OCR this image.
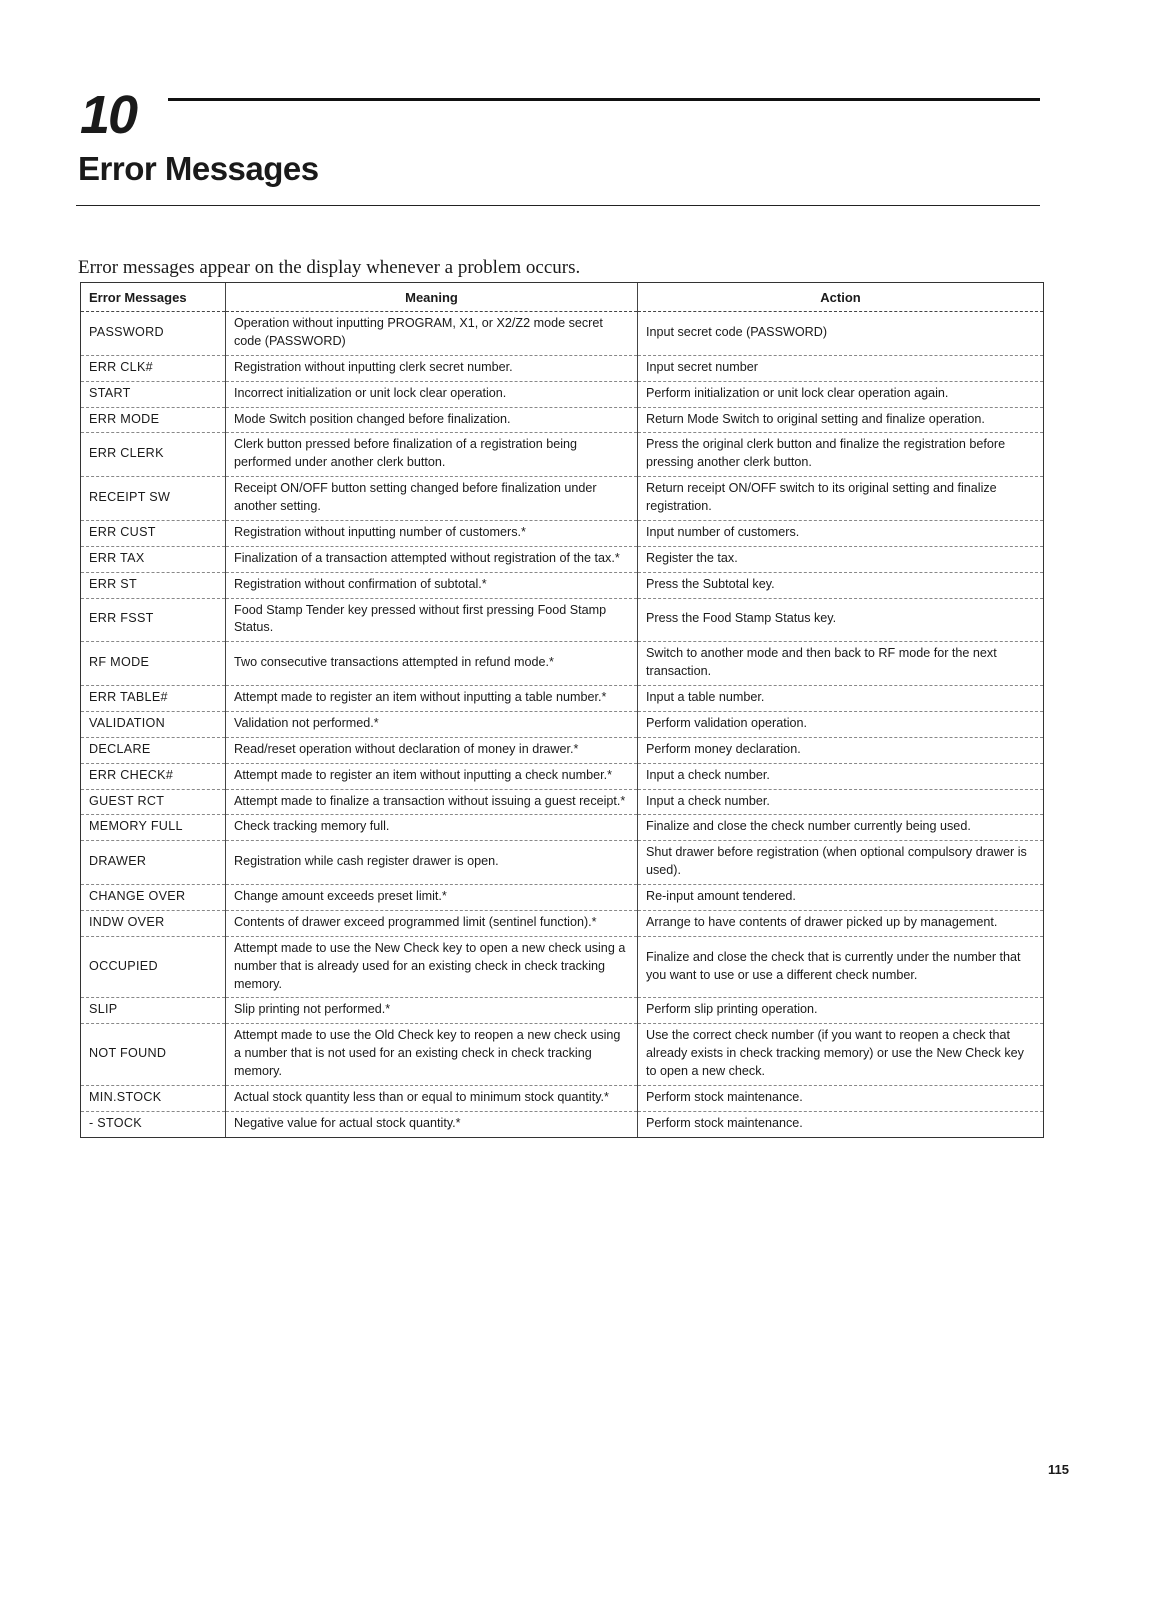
10
Error Messages
Error messages appear on the display whenever a problem occurs.
Error Messages	Meaning	Action
PASSWORD	Operation without inputting PROGRAM, X1, or X2/Z2 mode secret code (PASSWORD)	Input secret code (PASSWORD)
ERR CLK#	Registration without inputting clerk secret number.	Input secret number
START	Incorrect initialization or unit lock clear operation.	Perform initialization or unit lock clear operation again.
ERR MODE	Mode Switch position changed before finalization.	Return Mode Switch to original setting and finalize operation.
ERR CLERK	Clerk button pressed before finalization of a registration being performed under another clerk button.	Press the original clerk button and finalize the registration before pressing another clerk button.
RECEIPT SW	Receipt ON/OFF button setting changed before finalization under another setting.	Return receipt ON/OFF switch to its original setting and finalize registration.
ERR CUST	Registration without inputting number of customers.*	Input number of customers.
ERR TAX	Finalization of a transaction attempted without registration of the tax.*	Register the tax.
ERR ST	Registration without confirmation of subtotal.*	Press the Subtotal key.
ERR FSST	Food Stamp Tender key pressed without first pressing Food Stamp Status.	Press the Food Stamp Status key.
RF MODE	Two consecutive transactions attempted in refund mode.*	Switch to another mode and then back to RF mode for the next transaction.
ERR TABLE#	Attempt made to register an item without inputting a table number.*	Input a table number.
VALIDATION	Validation not performed.*	Perform validation operation.
DECLARE	Read/reset operation without declaration of money in drawer.*	Perform money declaration.
ERR CHECK#	Attempt made to register an item without inputting a check number.*	Input a check number.
GUEST RCT	Attempt made to finalize a transaction without issuing a guest receipt.*	Input a check number.
MEMORY FULL	Check tracking memory full.	Finalize and close the check number currently being used.
DRAWER	Registration while cash register drawer is open.	Shut drawer before registration (when optional compulsory drawer is used).
CHANGE OVER	Change amount exceeds preset limit.*	Re-input amount tendered.
INDW OVER	Contents of drawer exceed programmed limit (sentinel function).*	Arrange to have contents of drawer picked up by management.
OCCUPIED	Attempt made to use the New Check key to open a new check using a number that is already used for an existing check in check tracking memory.	Finalize and close the check that is currently under the number that you want to use or use a different check number.
SLIP	Slip printing not performed.*	Perform slip printing operation.
NOT FOUND	Attempt made to use the Old Check key to reopen a new check using a number that is not used for an existing check in check tracking memory.	Use the correct check number (if you want to reopen a check that already exists in check tracking memory) or use the New Check key to open a new check.
MIN.STOCK	Actual stock quantity less than or equal to minimum stock quantity.*	Perform stock maintenance.
- STOCK	Negative value for actual stock quantity.*	Perform stock maintenance.
115
